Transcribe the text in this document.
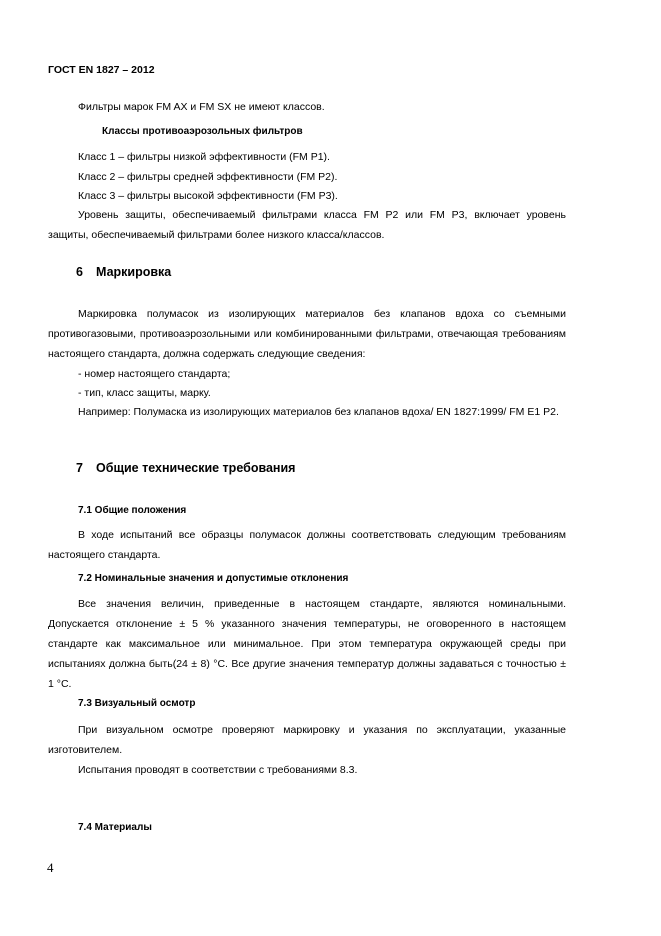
ГОСТ EN 1827 – 2012
Фильтры марок FM AX и FM SX не имеют классов.
Классы противоаэрозольных фильтров
Класс 1 – фильтры низкой эффективности (FM P1).
Класс 2 – фильтры средней эффективности (FM P2).
Класс 3 – фильтры высокой эффективности (FM P3).
Уровень защиты, обеспечиваемый фильтрами класса FM P2 или FM P3, включает уровень защиты, обеспечиваемый фильтрами более низкого класса/классов.
6 Маркировка
Маркировка полумасок из изолирующих материалов без клапанов вдоха со съемными противогазовыми, противоаэрозольными или комбинированными фильтрами, отвечающая требованиям настоящего стандарта, должна содержать следующие сведения:
- номер настоящего стандарта;
- тип, класс защиты, марку.
Например: Полумаска из изолирующих материалов без клапанов вдоха/ EN 1827:1999/ FM E1 P2.
7 Общие технические требования
7.1 Общие положения
В ходе испытаний все образцы полумасок должны соответствовать следующим требованиям настоящего стандарта.
7.2 Номинальные значения и допустимые отклонения
Все значения величин, приведенные в настоящем стандарте, являются номинальными. Допускается отклонение ± 5 % указанного значения температуры, не оговоренного в настоящем стандарте как максимальное или минимальное. При этом температура окружающей среды при испытаниях должна быть(24 ± 8) °С. Все другие значения температур должны задаваться с точностью ± 1 °С.
7.3 Визуальный осмотр
При визуальном осмотре проверяют маркировку и указания по эксплуатации, указанные изготовителем.
Испытания проводят в соответствии с требованиями 8.3.
7.4 Материалы
4
